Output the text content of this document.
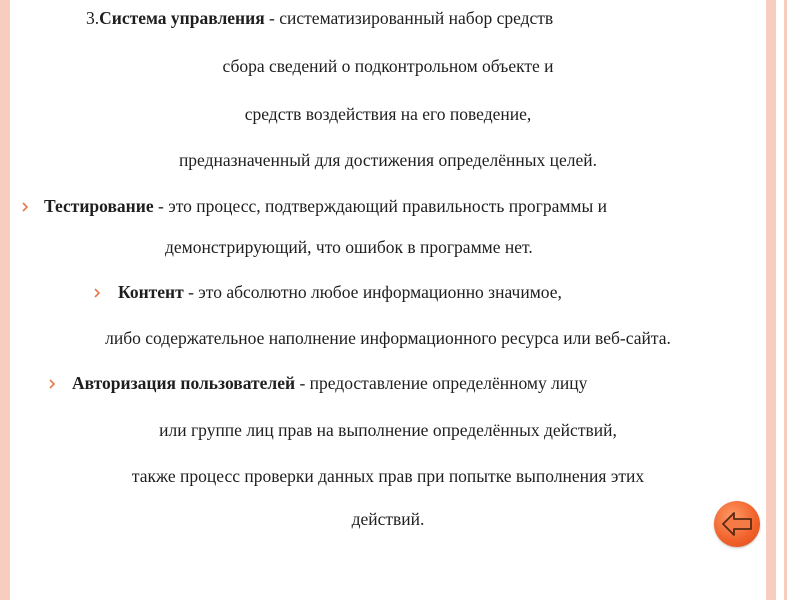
3.Система управления - систематизированный набор средств
сбора сведений о подконтрольном объекте и
средств воздействия на его поведение,
предназначенный для достижения определённых целей.
Тестирование - это процесс, подтверждающий правильность программы и
демонстрирующий, что ошибок в программе нет.
Контент - это абсолютно любое информационно значимое,
либо содержательное наполнение информационного ресурса или веб-сайта.
Авторизация пользователей - предоставление определённому лицу
или группе лиц прав на выполнение определённых действий,
также процесс проверки данных прав при попытке выполнения этих
действий.
